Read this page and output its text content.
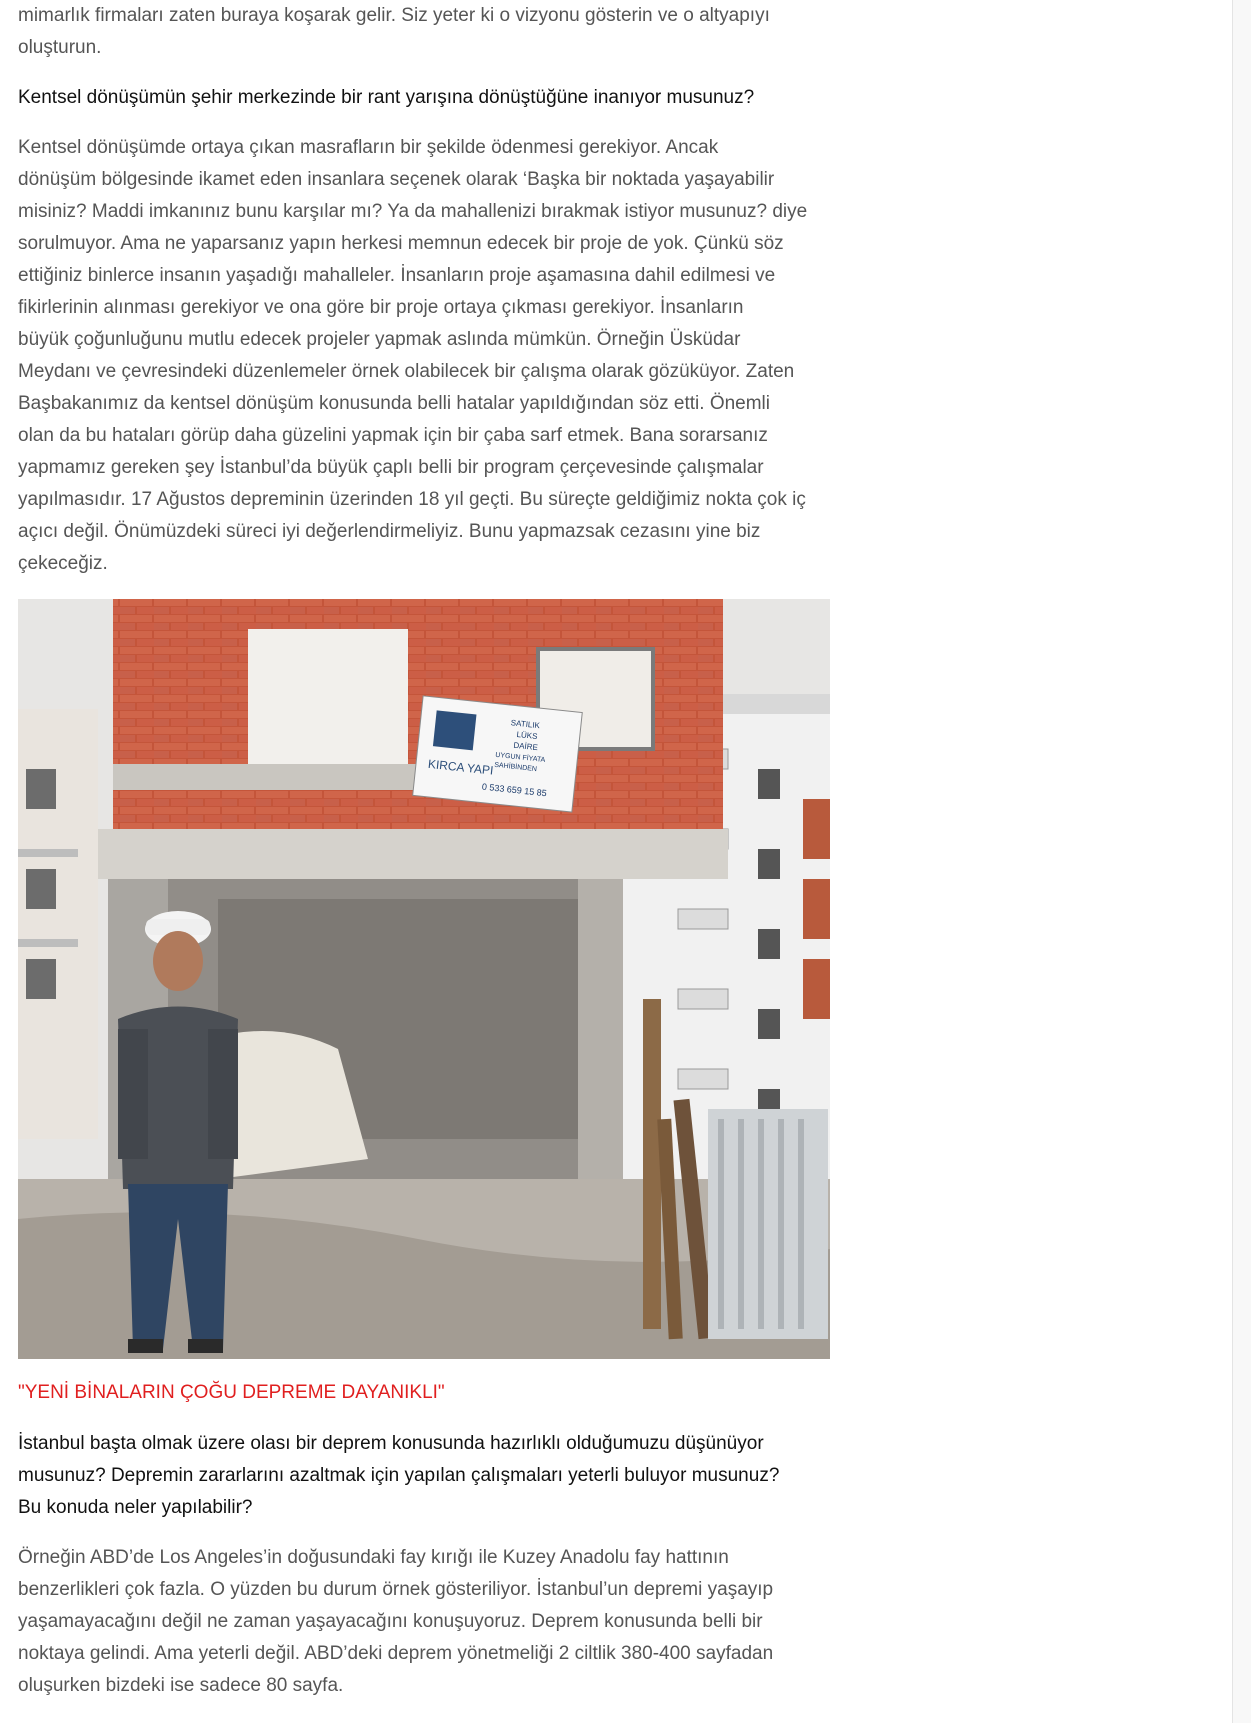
mimarlık firmaları zaten buraya koşarak gelir. Siz yeter ki o vizyonu gösterin ve o altyapıyı

oluşturun.

Kentsel dönüşümün şehir merkezinde bir rant yarışına dönüştüğüne inanıyor musunuz?

Kentsel dönüşümde ortaya çıkan masrafların bir şekilde ödenmesi gerekiyor. Ancak

dönüşüm bölgesinde ikamet eden insanlara seçenek olarak ‘Başka bir noktada yaşayabilir

misiniz? Maddi imkanınız bunu karşılar mı? Ya da mahallenizi bırakmak istiyor musunuz? diye

sorulmuyor. Ama ne yaparsanız yapın herkesi memnun edecek bir proje de yok. Çünkü söz

ettiğiniz binlerce insanın yaşadığı mahalleler. İnsanların proje aşamasına dahil edilmesi ve

fikirlerinin alınması gerekiyor ve ona göre bir proje ortaya çıkması gerekiyor. İnsanların

büyük çoğunluğunu mutlu edecek projeler yapmak aslında mümkün. Örneğin Üsküdar

Meydanı ve çevresindeki düzenlemeler örnek olabilecek bir çalışma olarak gözüküyor. Zaten

Başbakanımız da kentsel dönüşüm konusunda belli hatalar yapıldığından söz etti. Önemli

olan da bu hataları görüp daha güzelini yapmak için bir çaba sarf etmek. Bana sorarsanız

yapmamız gereken şey İstanbul’da büyük çaplı belli bir program çerçevesinde çalışmalar

yapılmasıdır. 17 Ağustos depreminin üzerinden 18 yıl geçti. Bu süreçte geldiğimiz nokta çok iç

açıcı değil. Önümüzdeki süreci iyi değerlendirmeliyiz. Bunu yapmazsak cezasını yine biz

çekeceğiz.

KIRCA YAPI
SATILIK
LÜKS
DAİRE
UYGUN FİYATA
SAHİBİNDEN
0 533 659 15 85

"YENİ BİNALARIN ÇOĞU DEPREME DAYANIKLI"

İstanbul başta olmak üzere olası bir deprem konusunda hazırlıklı olduğumuzu düşünüyor

musunuz? Depremin zararlarını azaltmak için yapılan çalışmaları yeterli buluyor musunuz?

Bu konuda neler yapılabilir?

Örneğin ABD’de Los Angeles’in doğusundaki fay kırığı ile Kuzey Anadolu fay hattının

benzerlikleri çok fazla. O yüzden bu durum örnek gösteriliyor. İstanbul’un depremi yaşayıp

yaşamayacağını değil ne zaman yaşayacağını konuşuyoruz. Deprem konusunda belli bir

noktaya gelindi. Ama yeterli değil. ABD’deki deprem yönetmeliği 2 ciltlik 380-400 sayfadan

oluşurken bizdeki ise sadece 80 sayfa.
